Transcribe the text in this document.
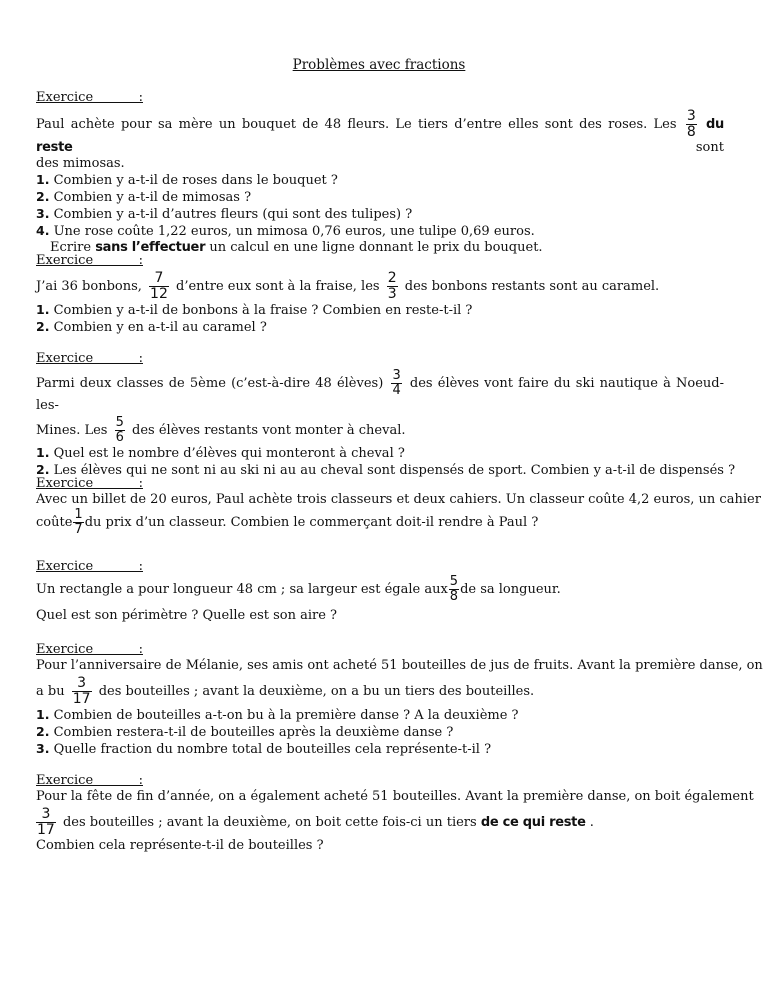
Problèmes avec fractions
Exercice           :
Paul achète pour sa mère un bouquet de 48 fleurs. Le tiers d’entre elles sont des roses. Les $\frac{3}{8}$ du reste	sont
des mimosas.
1. Combien y a-t-il de roses dans le bouquet ?
2. Combien y a-t-il de mimosas ?
3. Combien y a-t-il d’autres fleurs (qui sont des tulipes) ?
4. Une rose coûte 1,22 euros, un mimosa 0,76 euros, une tulipe 0,69 euros.
Ecrire sans l’effectuer un calcul en une ligne donnant le prix du bouquet.
Exercice           :
J’ai 36 bonbons, $\frac{7}{12}$ d’entre eux sont à la fraise, les $\frac{2}{3}$ des bonbons restants sont au caramel.
1. Combien y a-t-il de bonbons à la fraise ? Combien en reste-t-il ?
2. Combien y en a-t-il au caramel ?
Exercice           :
Parmi deux classes de 5ème (c’est-à-dire 48 élèves) $\frac{3}{4}$ des élèves vont faire du ski nautique à Noeud-les-
Mines. Les $\frac{5}{6}$ des élèves restants vont monter à cheval.
1. Quel est le nombre d’élèves qui monteront à cheval ?
2. Les élèves qui ne sont ni au ski ni au au cheval sont dispensés de sport. Combien y a-t-il de dispensés ?
Exercice           :
Avec un billet de 20 euros, Paul achète trois classeurs et deux cahiers. Un classeur coûte 4,2 euros, un cahier
coûte $\frac{1}{7}$ du prix d’un classeur. Combien le commerçant doit-il rendre à Paul ?
Exercice           :
Un rectangle a pour longueur 48 cm ; sa largeur est égale aux $\frac{5}{8}$ de sa longueur.
Quel est son périmètre ? Quelle est son aire ?
Exercice           :
Pour l’anniversaire de Mélanie, ses amis ont acheté 51 bouteilles de jus de fruits. Avant la première danse, on
a bu $\frac{3}{17}$ des bouteilles ; avant la deuxième, on a bu un tiers des bouteilles.
1. Combien de bouteilles a-t-on bu à la première danse ? A la deuxième ?
2. Combien restera-t-il de bouteilles après la deuxième danse ?
3. Quelle fraction du nombre total de bouteilles cela représente-t-il ?
Exercice           :
Pour la fête de fin d’année, on a également acheté 51 bouteilles. Avant la première danse, on boit également
$\frac{3}{17}$ des bouteilles ; avant la deuxième, on boit cette fois-ci un tiers de ce qui reste .
Combien cela représente-t-il de bouteilles ?
